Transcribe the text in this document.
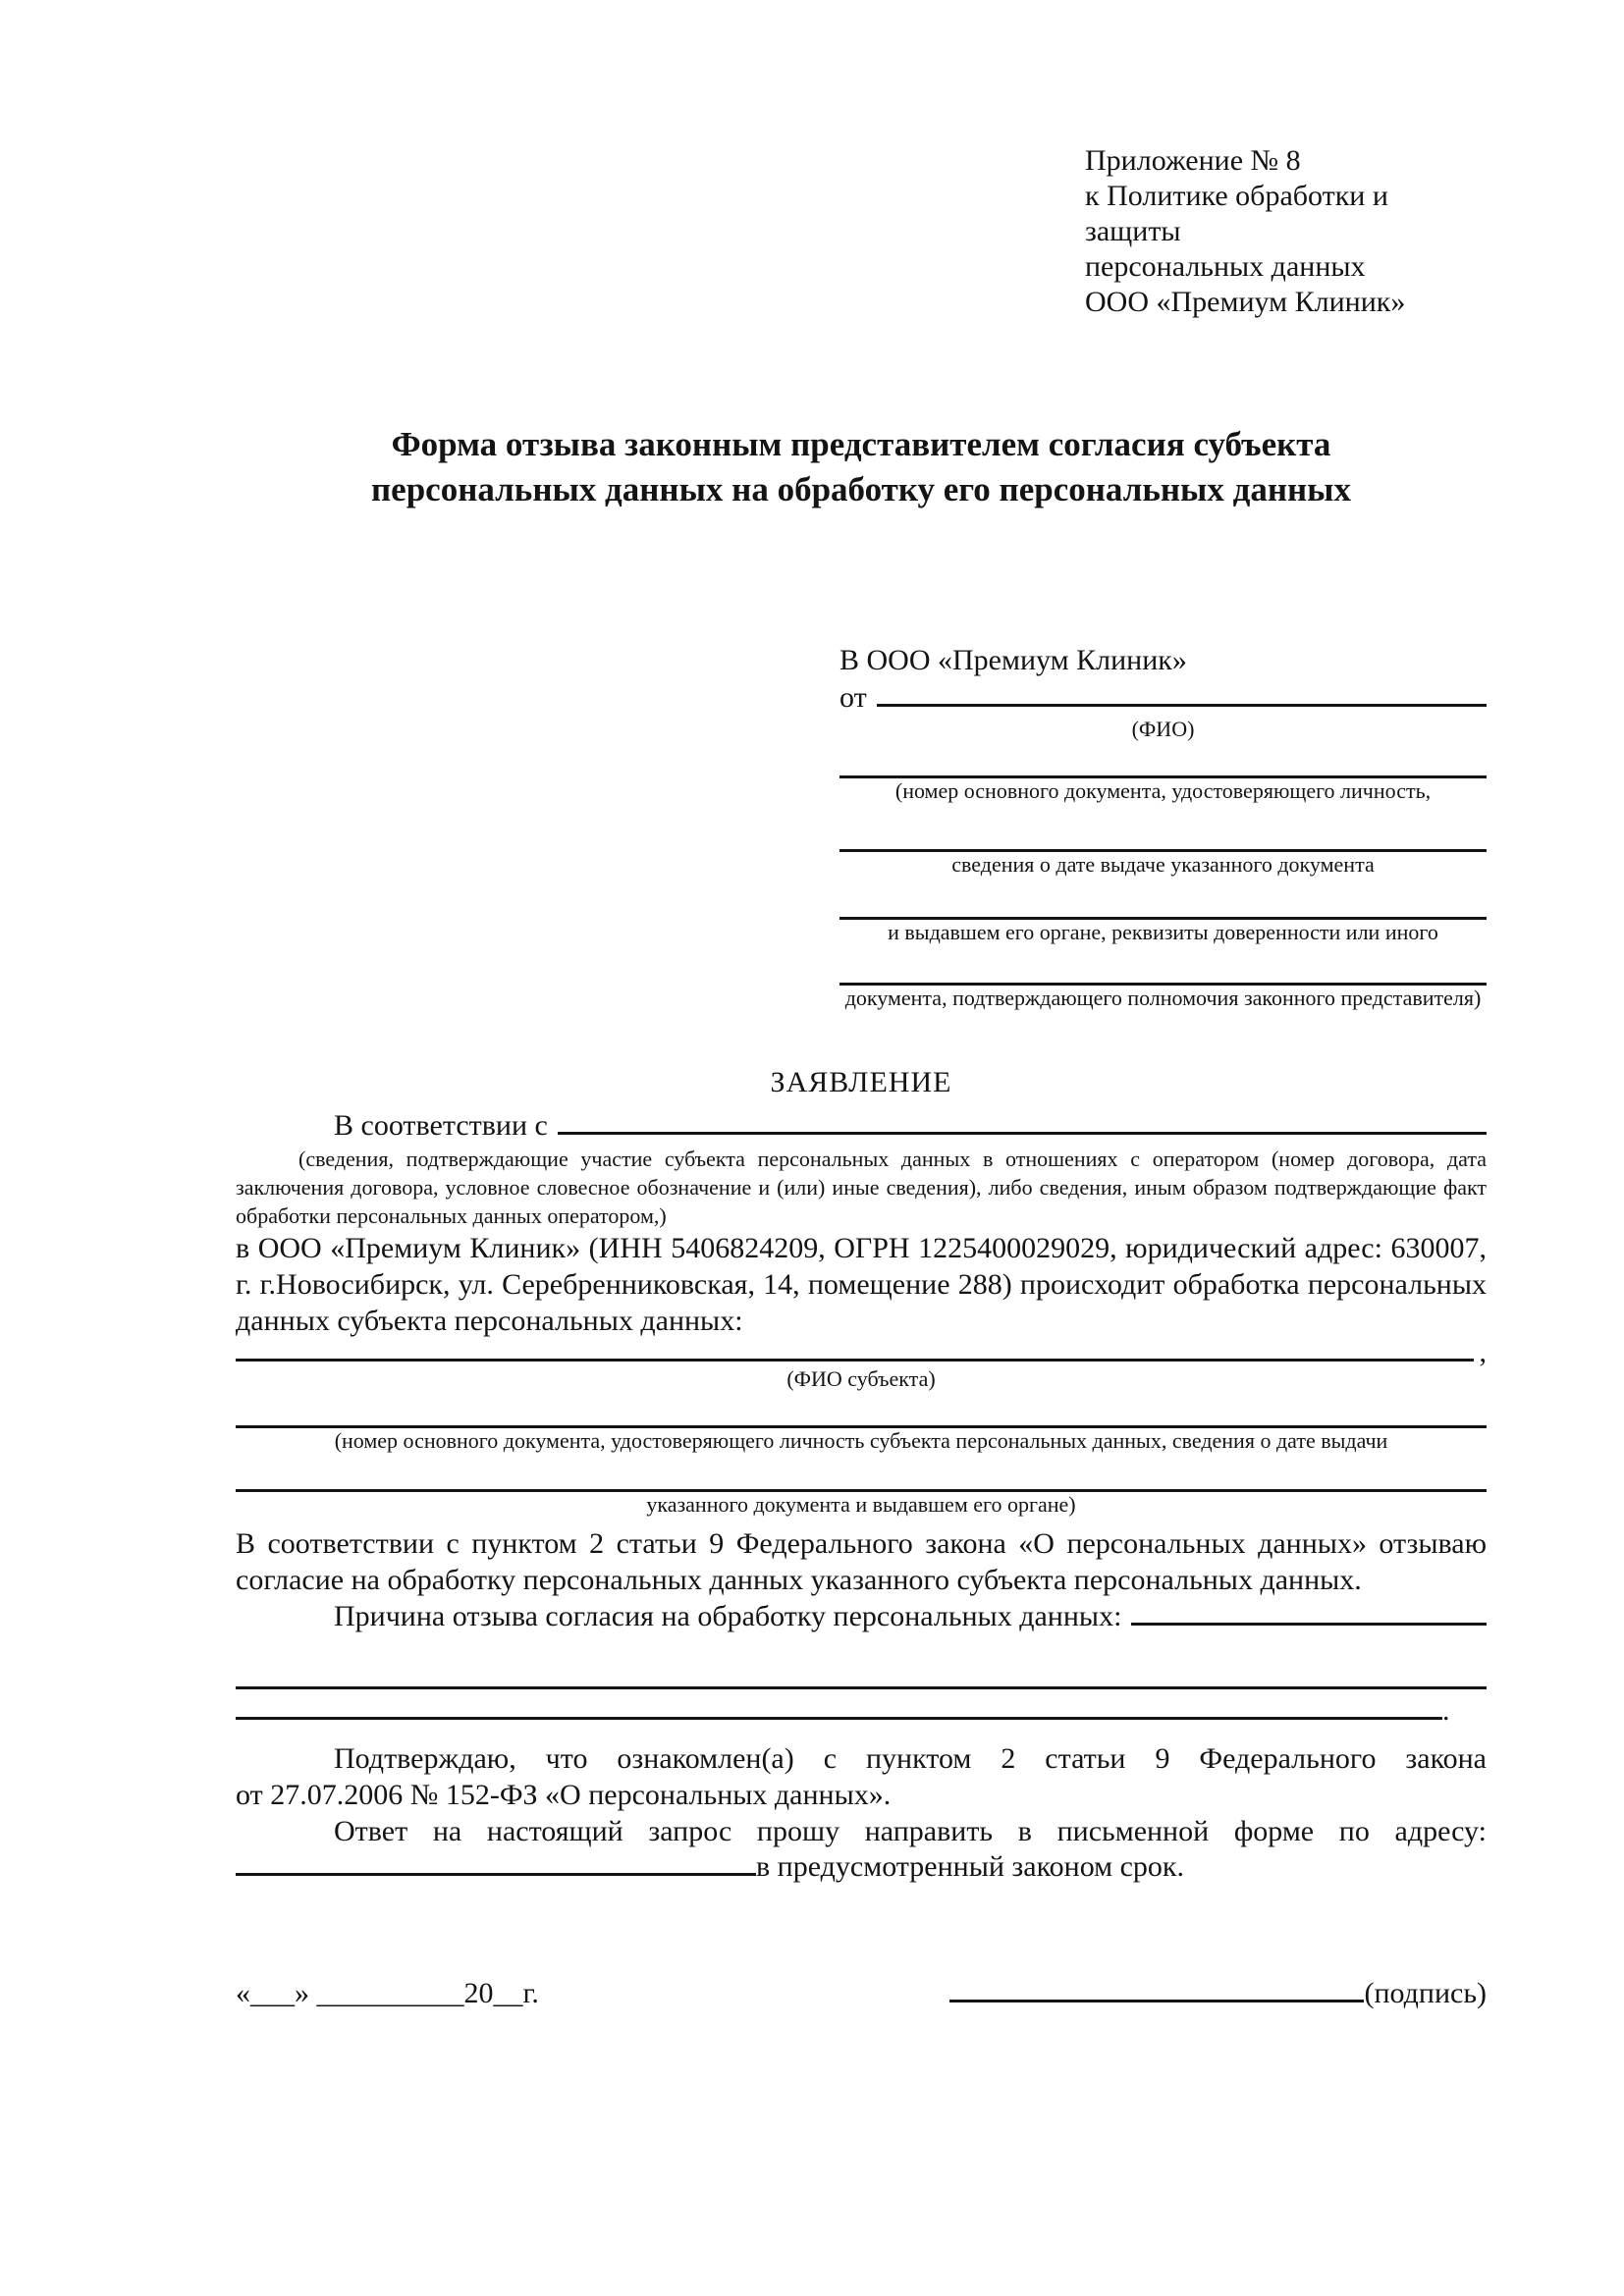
Приложение № 8
к Политике обработки и защиты
персональных данных
ООО «Премиум Клиник»
Форма отзыва законным представителем согласия субъекта
персональных данных на обработку его персональных данных
В ООО «Премиум Клиник»
от
(ФИО)
(номер основного документа, удостоверяющего личность,
сведения о дате выдаче указанного документа
и выдавшем его органе, реквизиты доверенности или иного
документа, подтверждающего полномочия законного представителя)
ЗАЯВЛЕНИЕ
В соответствии с
(сведения, подтверждающие участие субъекта персональных данных в отношениях с оператором (номер договора, дата заключения договора, условное словесное обозначение и (или) иные сведения), либо сведения, иным образом подтверждающие факт обработки персональных данных оператором,)

в ООО «Премиум Клиник» (ИНН 5406824209, ОГРН 1225400029029, юридический адрес: 630007, г. г.Новосибирск, ул. Серебренниковская, 14, помещение 288) происходит обработка персональных данных субъекта персональных данных:

,
(ФИО субъекта)
(номер основного документа, удостоверяющего личность субъекта персональных данных, сведения о дате выдачи
указанного документа и выдавшем его органе)

В соответствии с пунктом 2 статьи 9 Федерального закона «О персональных данных» отзываю согласие на обработку персональных данных указанного субъекта персональных данных.

Причина отзыва согласия на обработку персональных данных:
.
Подтверждаю, что ознакомлен(а) с пунктом 2 статьи 9 Федерального закона
от 27.07.2006 № 152-ФЗ «О персональных данных».
Ответ на настоящий запрос прошу направить в письменной форме по адресу:
в предусмотренный законом срок.
«___» __________20__г.	(подпись)
